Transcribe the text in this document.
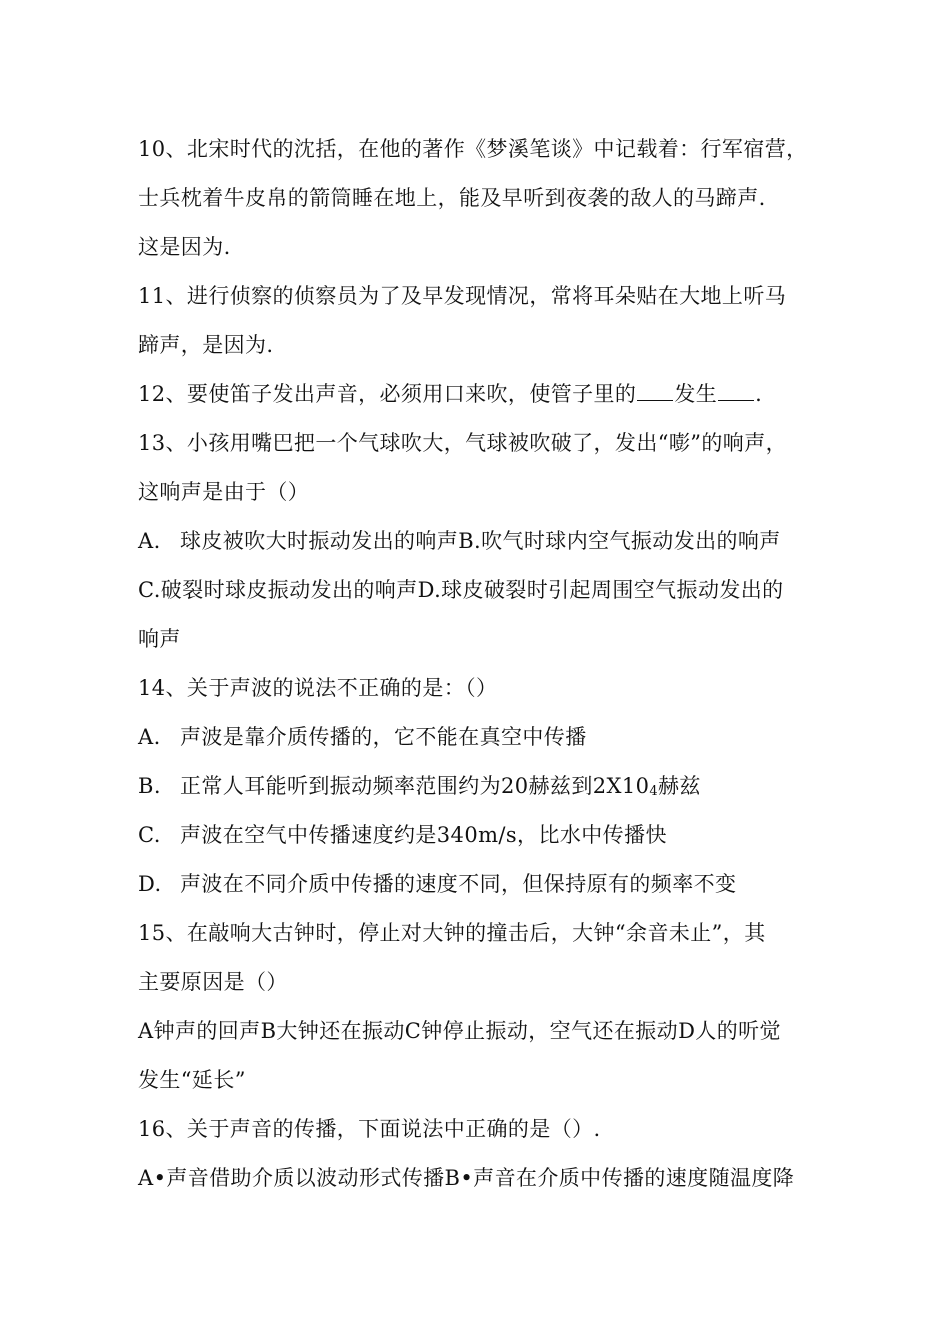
10、北宋时代的沈括，在他的著作《梦溪笔谈》中记载着：行军宿营，
士兵枕着牛皮帛的箭筒睡在地上，能及早听到夜袭的敌人的马蹄声.
这是因为.
11、进行侦察的侦察员为了及早发现情况，常将耳朵贴在大地上听马
蹄声，是因为.
12、要使笛子发出声音，必须用口来吹，使管子里的 发生 .
13、小孩用嘴巴把一个气球吹大，气球被吹破了，发出“嘭”的响声，
这响声是由于（）
A. 球皮被吹大时振动发出的响声B.吹气时球内空气振动发出的响声
C.破裂时球皮振动发出的响声D.球皮破裂时引起周围空气振动发出的
响声
14、关于声波的说法不正确的是：（）
A. 声波是靠介质传播的，它不能在真空中传播
B. 正常人耳能听到振动频率范围约为20赫兹到$2X10_4$赫兹
C. 声波在空气中传播速度约是340m/s，比水中传播快
D. 声波在不同介质中传播的速度不同，但保持原有的频率不变
15、在敲响大古钟时，停止对大钟的撞击后，大钟“余音未止”，其
主要原因是（）
A钟声的回声B大钟还在振动C钟停止振动，空气还在振动D人的听觉
发生“延长”
16、关于声音的传播，下面说法中正确的是（）.
A•声音借助介质以波动形式传播B•声音在介质中传播的速度随温度降
